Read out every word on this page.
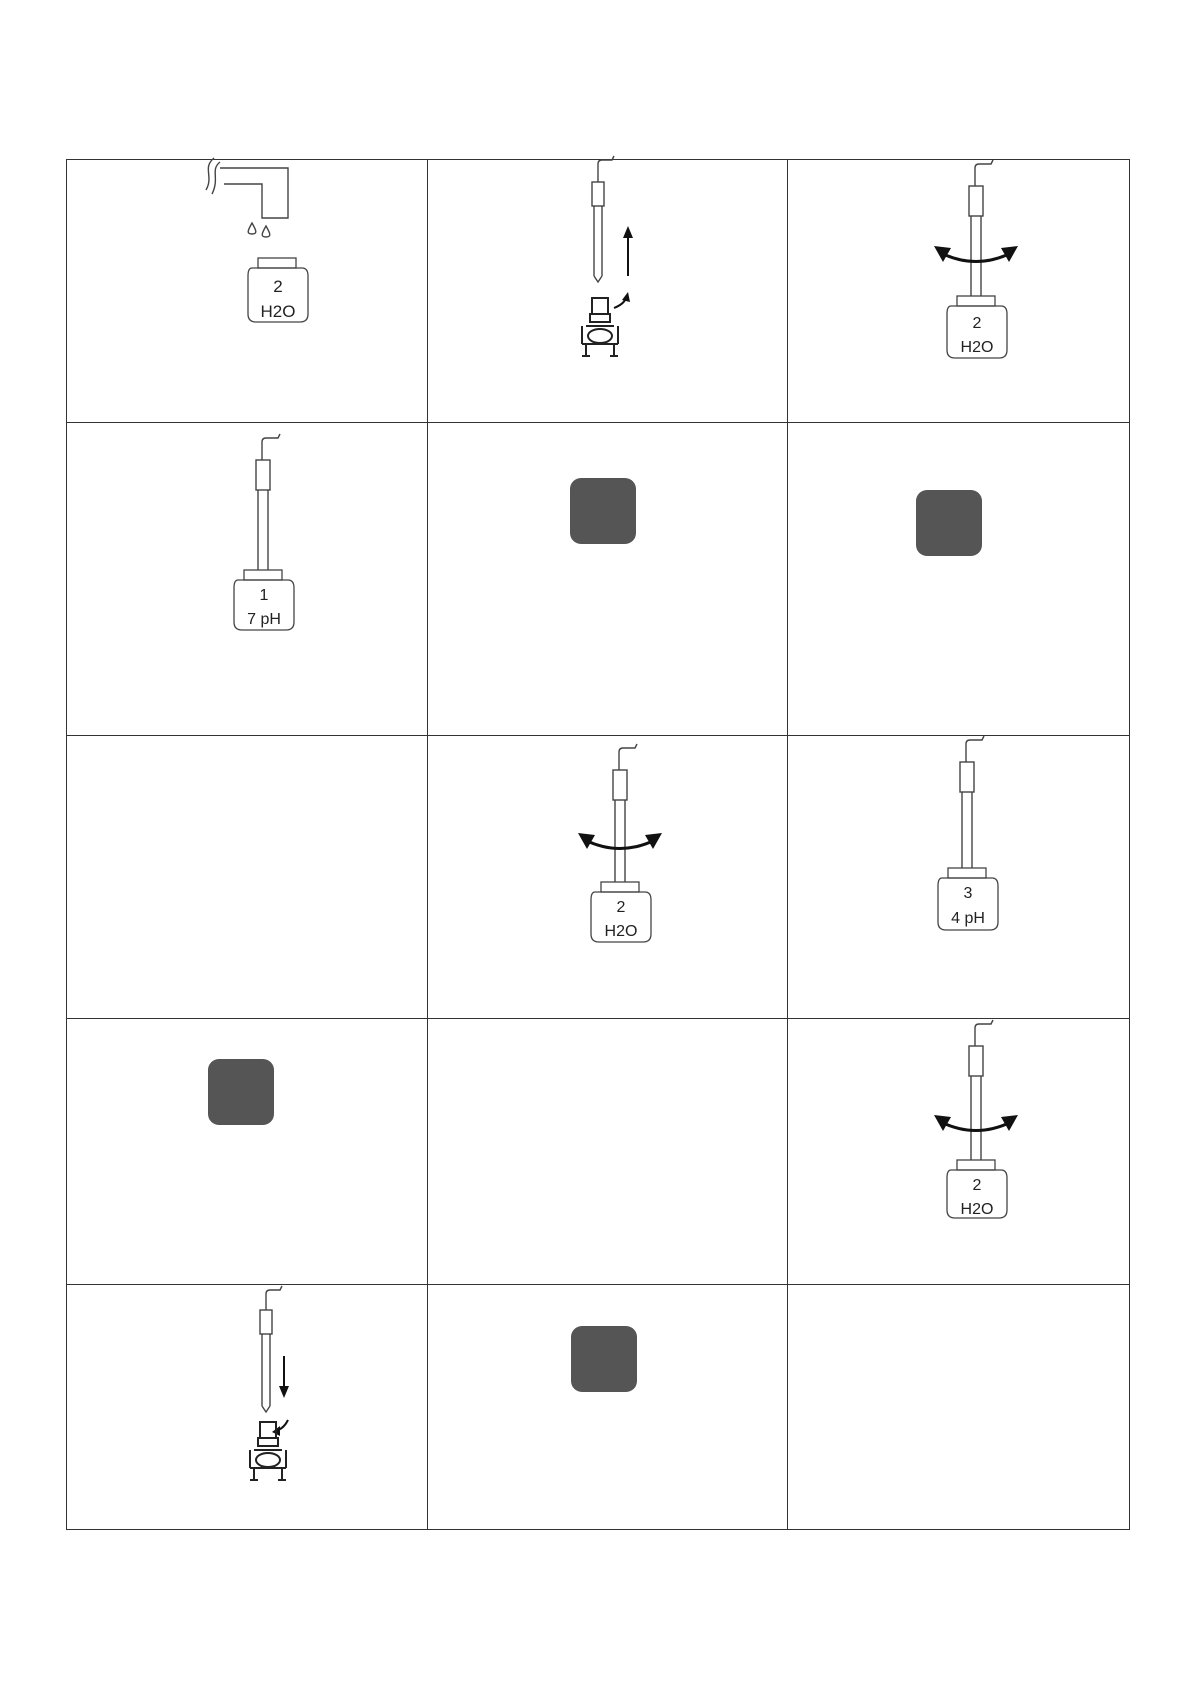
2
H2O
2
H2O
1
7 pH
2
H2O
3
4 pH
2
H2O
